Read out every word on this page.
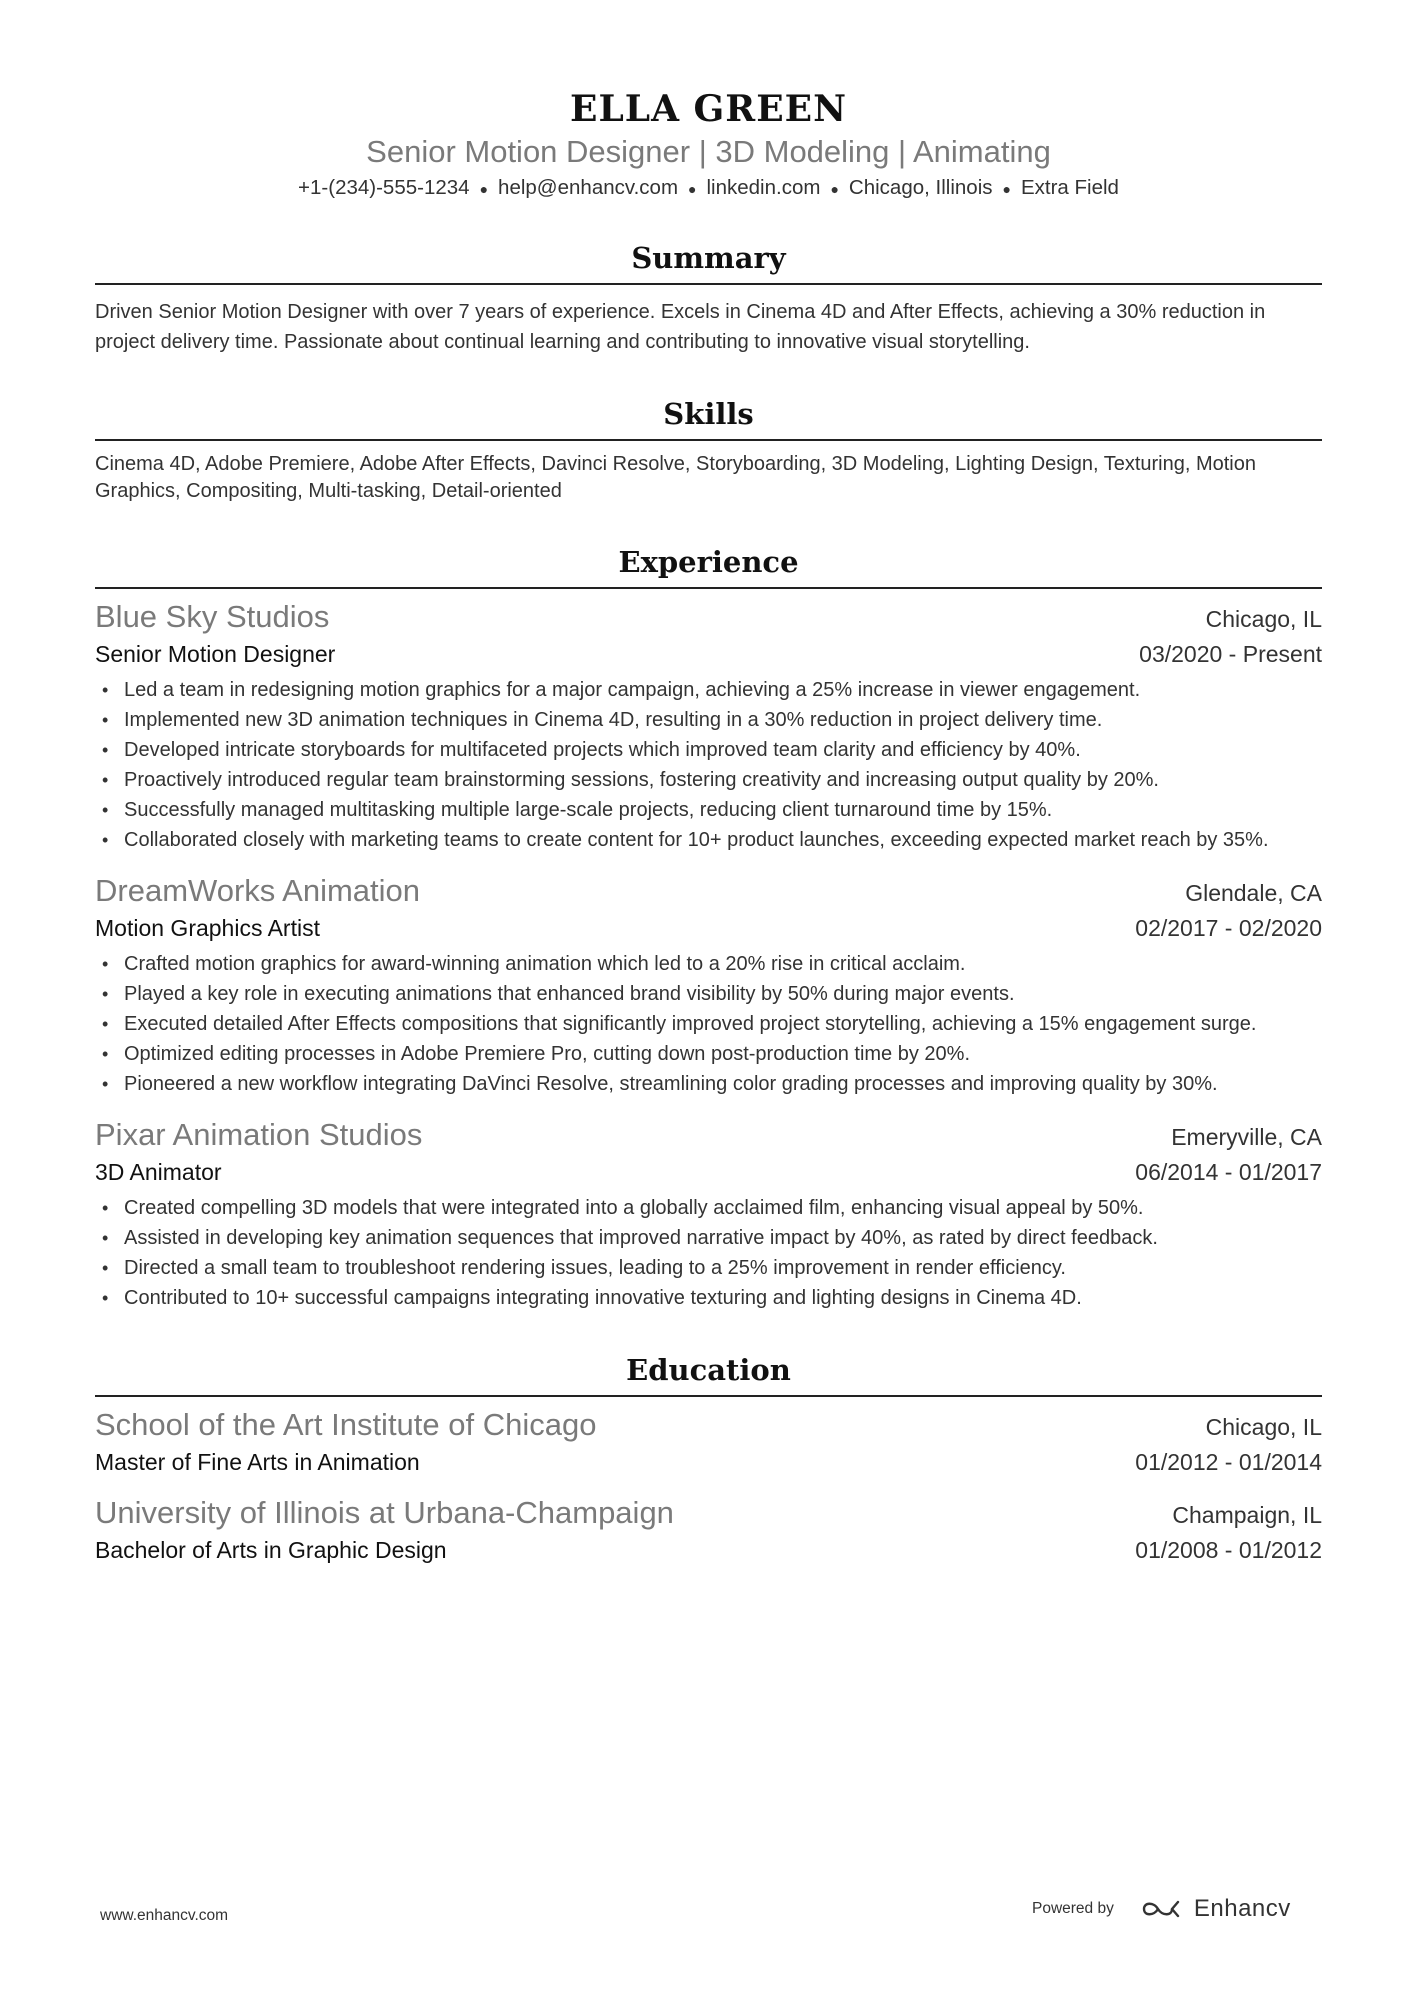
ELLA GREEN
Senior Motion Designer | 3D Modeling | Animating
+1-(234)-555-1234 ● help@enhancv.com ● linkedin.com ● Chicago, Illinois ● Extra Field
Summary
Driven Senior Motion Designer with over 7 years of experience. Excels in Cinema 4D and After Effects, achieving a 30% reduction in project delivery time. Passionate about continual learning and contributing to innovative visual storytelling.
Skills
Cinema 4D, Adobe Premiere, Adobe After Effects, Davinci Resolve, Storyboarding, 3D Modeling, Lighting Design, Texturing, Motion Graphics, Compositing, Multi-tasking, Detail-oriented
Experience
Blue Sky Studios	Chicago, IL
Senior Motion Designer	03/2020 - Present
• Led a team in redesigning motion graphics for a major campaign, achieving a 25% increase in viewer engagement.
• Implemented new 3D animation techniques in Cinema 4D, resulting in a 30% reduction in project delivery time.
• Developed intricate storyboards for multifaceted projects which improved team clarity and efficiency by 40%.
• Proactively introduced regular team brainstorming sessions, fostering creativity and increasing output quality by 20%.
• Successfully managed multitasking multiple large-scale projects, reducing client turnaround time by 15%.
• Collaborated closely with marketing teams to create content for 10+ product launches, exceeding expected market reach by 35%.
DreamWorks Animation	Glendale, CA
Motion Graphics Artist	02/2017 - 02/2020
• Crafted motion graphics for award-winning animation which led to a 20% rise in critical acclaim.
• Played a key role in executing animations that enhanced brand visibility by 50% during major events.
• Executed detailed After Effects compositions that significantly improved project storytelling, achieving a 15% engagement surge.
• Optimized editing processes in Adobe Premiere Pro, cutting down post-production time by 20%.
• Pioneered a new workflow integrating DaVinci Resolve, streamlining color grading processes and improving quality by 30%.
Pixar Animation Studios	Emeryville, CA
3D Animator	06/2014 - 01/2017
• Created compelling 3D models that were integrated into a globally acclaimed film, enhancing visual appeal by 50%.
• Assisted in developing key animation sequences that improved narrative impact by 40%, as rated by direct feedback.
• Directed a small team to troubleshoot rendering issues, leading to a 25% improvement in render efficiency.
• Contributed to 10+ successful campaigns integrating innovative texturing and lighting designs in Cinema 4D.
Education
School of the Art Institute of Chicago	Chicago, IL
Master of Fine Arts in Animation	01/2012 - 01/2014
University of Illinois at Urbana-Champaign	Champaign, IL
Bachelor of Arts in Graphic Design	01/2008 - 01/2012
www.enhancv.com	Powered by	Enhancv
